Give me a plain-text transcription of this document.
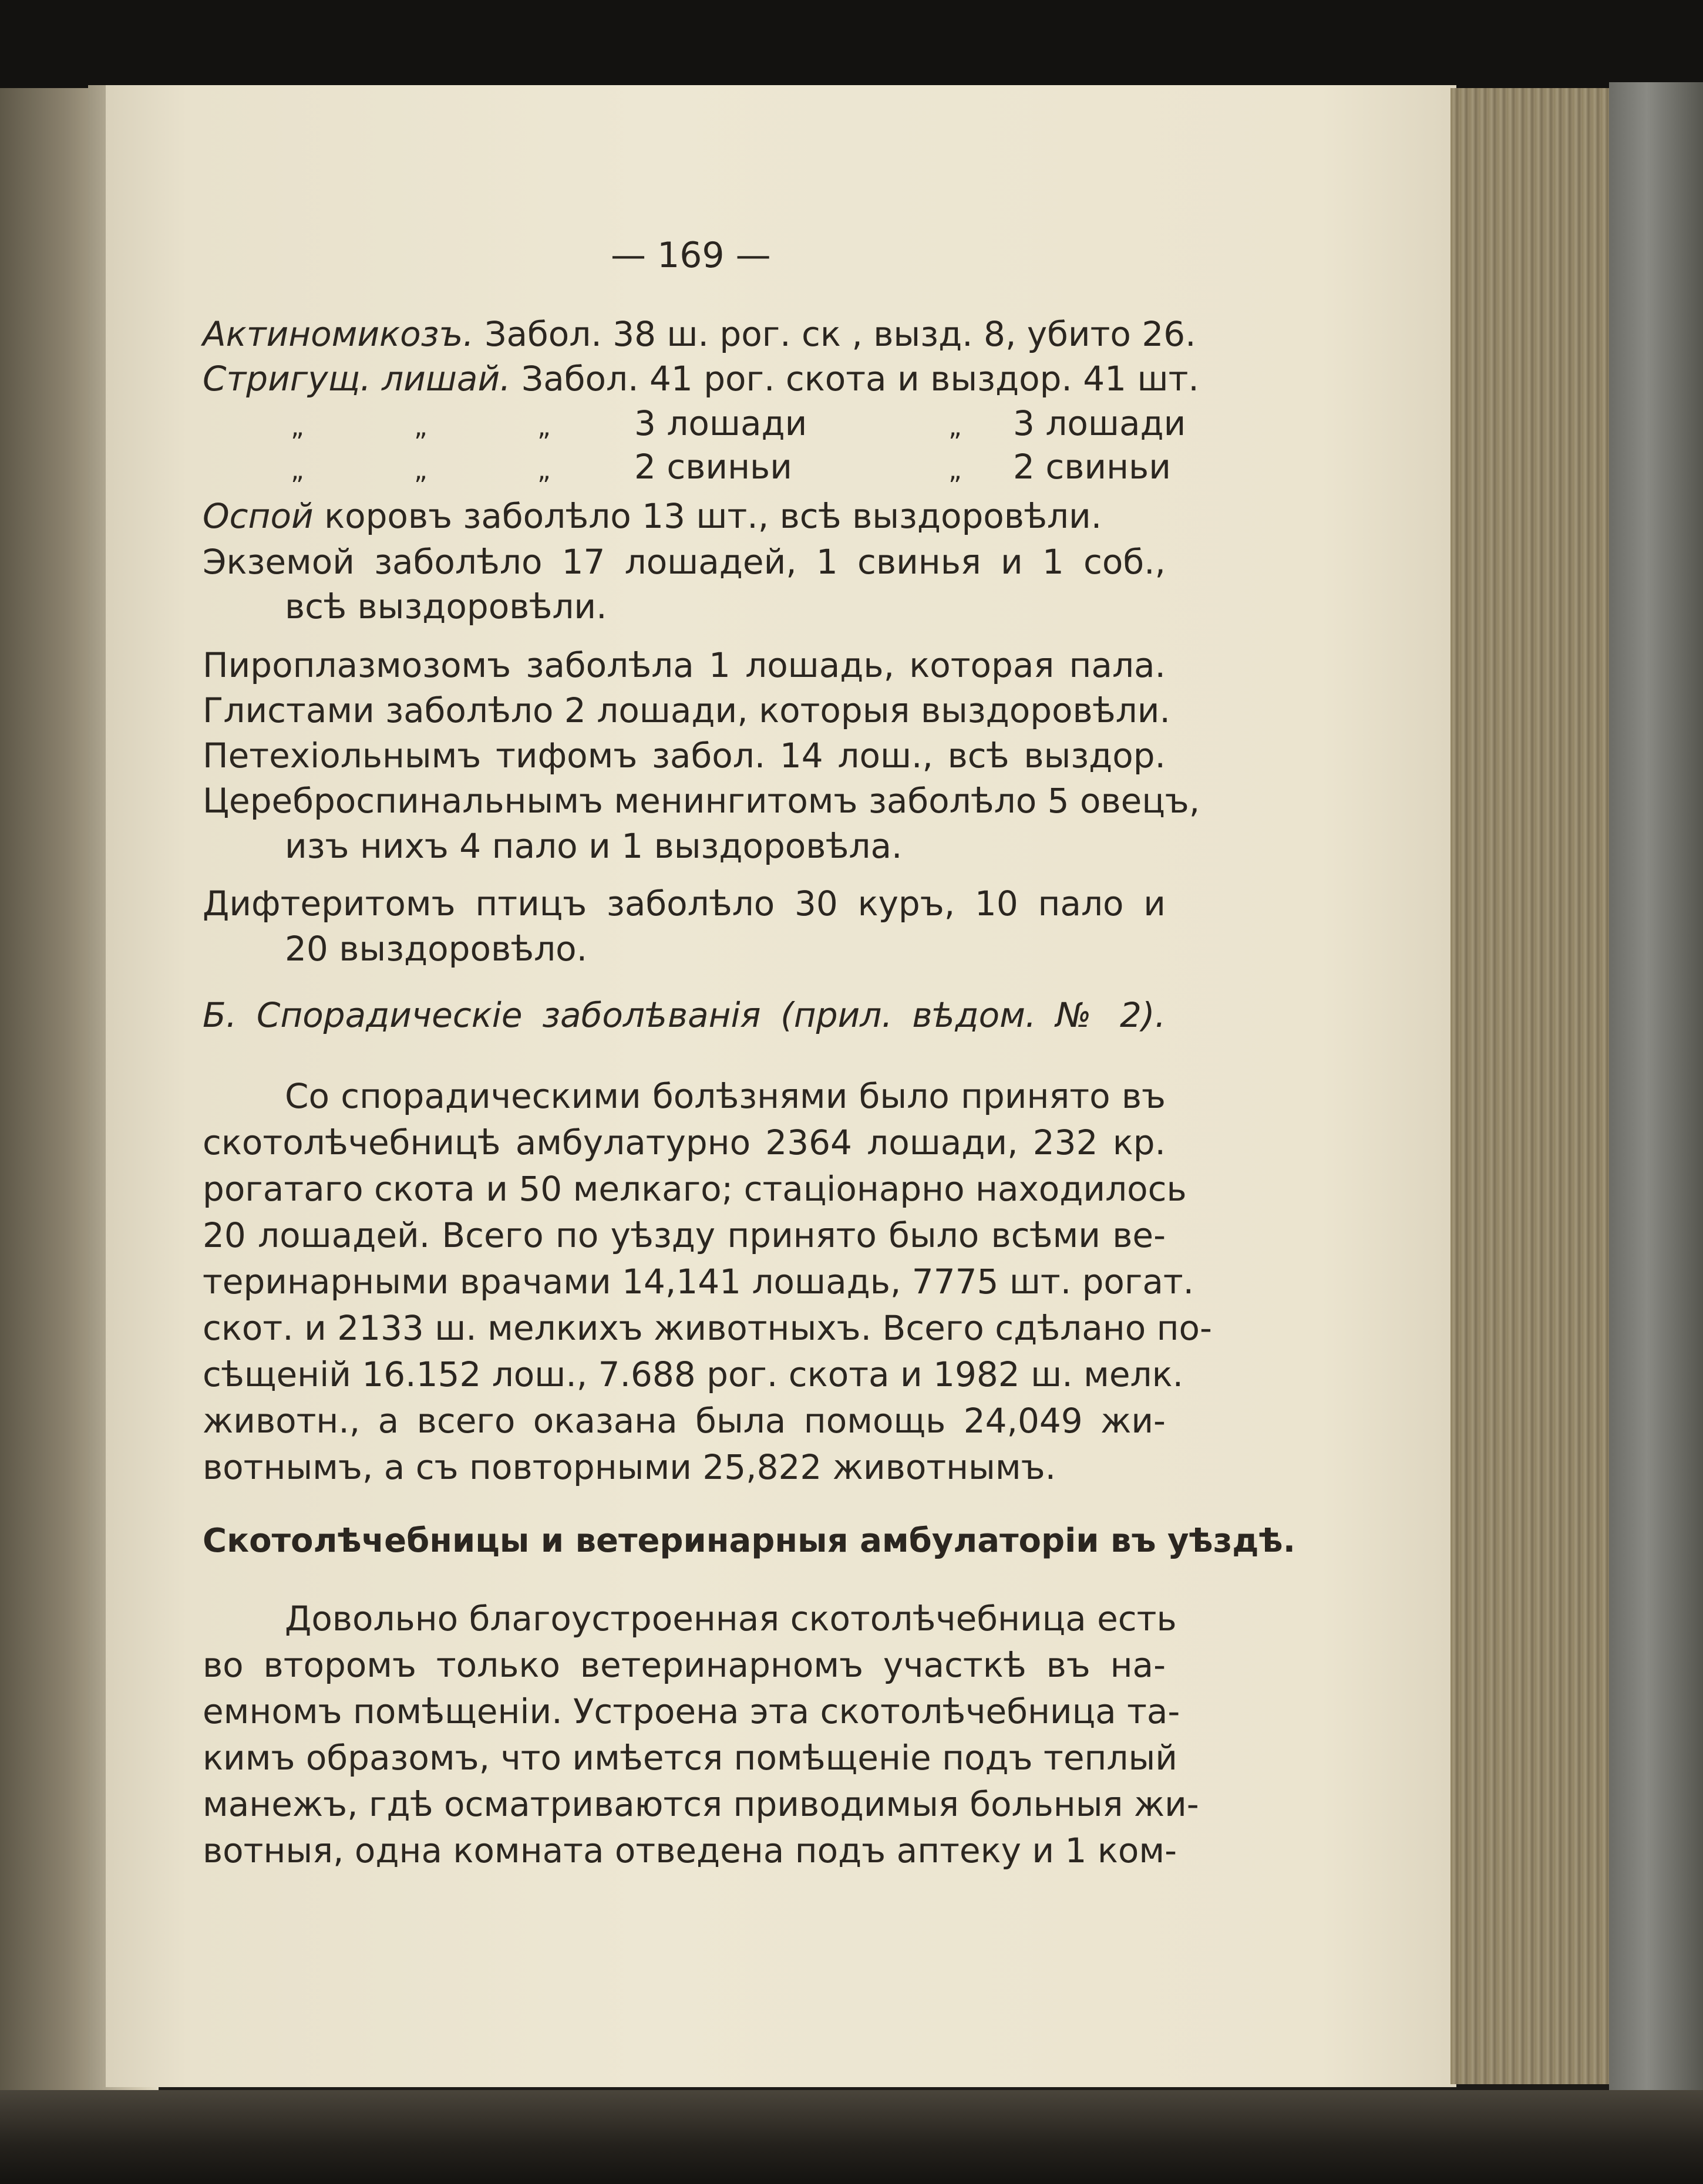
— 169 —
Актиномикозъ. Забол. 38 ш. рог. ск , вызд. 8, убито 26.
Стригущ. лишай. Забол. 41 рог. скота и выздор. 41 шт.
„	„	„ 3 лошади	„ 3 лошади
„	„	„ 2 свиньи	„ 2 свиньи
Оспой коровъ заболѣло 13 шт., всѣ выздоровѣли.
Экземой заболѣло 17 лошадей, 1 свинья и 1 соб.,
всѣ выздоровѣли.
Пироплазмозомъ заболѣла 1 лошадь, которая пала.
Глистами заболѣло 2 лошади, которыя выздоровѣли.
Петехіольнымъ тифомъ забол. 14 лош., всѣ выздор.
Цереброспинальнымъ менингитомъ заболѣло 5 овецъ,
изъ нихъ 4 пало и 1 выздоровѣла.
Дифтеритомъ птицъ заболѣло 30 куръ, 10 пало и
20 выздоровѣло.
Б. Спорадическіе заболѣванія (прил. вѣдом. № 2).
Со спорадическими болѣзнями было принято въ
скотолѣчебницѣ амбулатурно 2364 лошади, 232 кр.
рогатаго скота и 50 мелкаго; стаціонарно находилось
20 лошадей. Всего по уѣзду принято было всѣми ве-
теринарными врачами 14,141 лошадь, 7775 шт. рогат.
скот. и 2133 ш. мелкихъ животныхъ. Всего сдѣлано по-
сѣщеній 16.152 лош., 7.688 рог. скота и 1982 ш. мелк.
животн., а всего оказана была помощь 24,049 жи-
вотнымъ, а съ повторными 25,822 животнымъ.
Скотолѣчебницы и ветеринарныя амбулаторіи въ уѣздѣ.
Довольно благоустроенная скотолѣчебница есть
во второмъ только ветеринарномъ участкѣ въ на-
емномъ помѣщеніи. Устроена эта скотолѣчебница та-
кимъ образомъ, что имѣется помѣщеніе подъ теплый
манежъ, гдѣ осматриваются приводимыя больныя жи-
вотныя, одна комната отведена подъ аптеку и 1 ком-
